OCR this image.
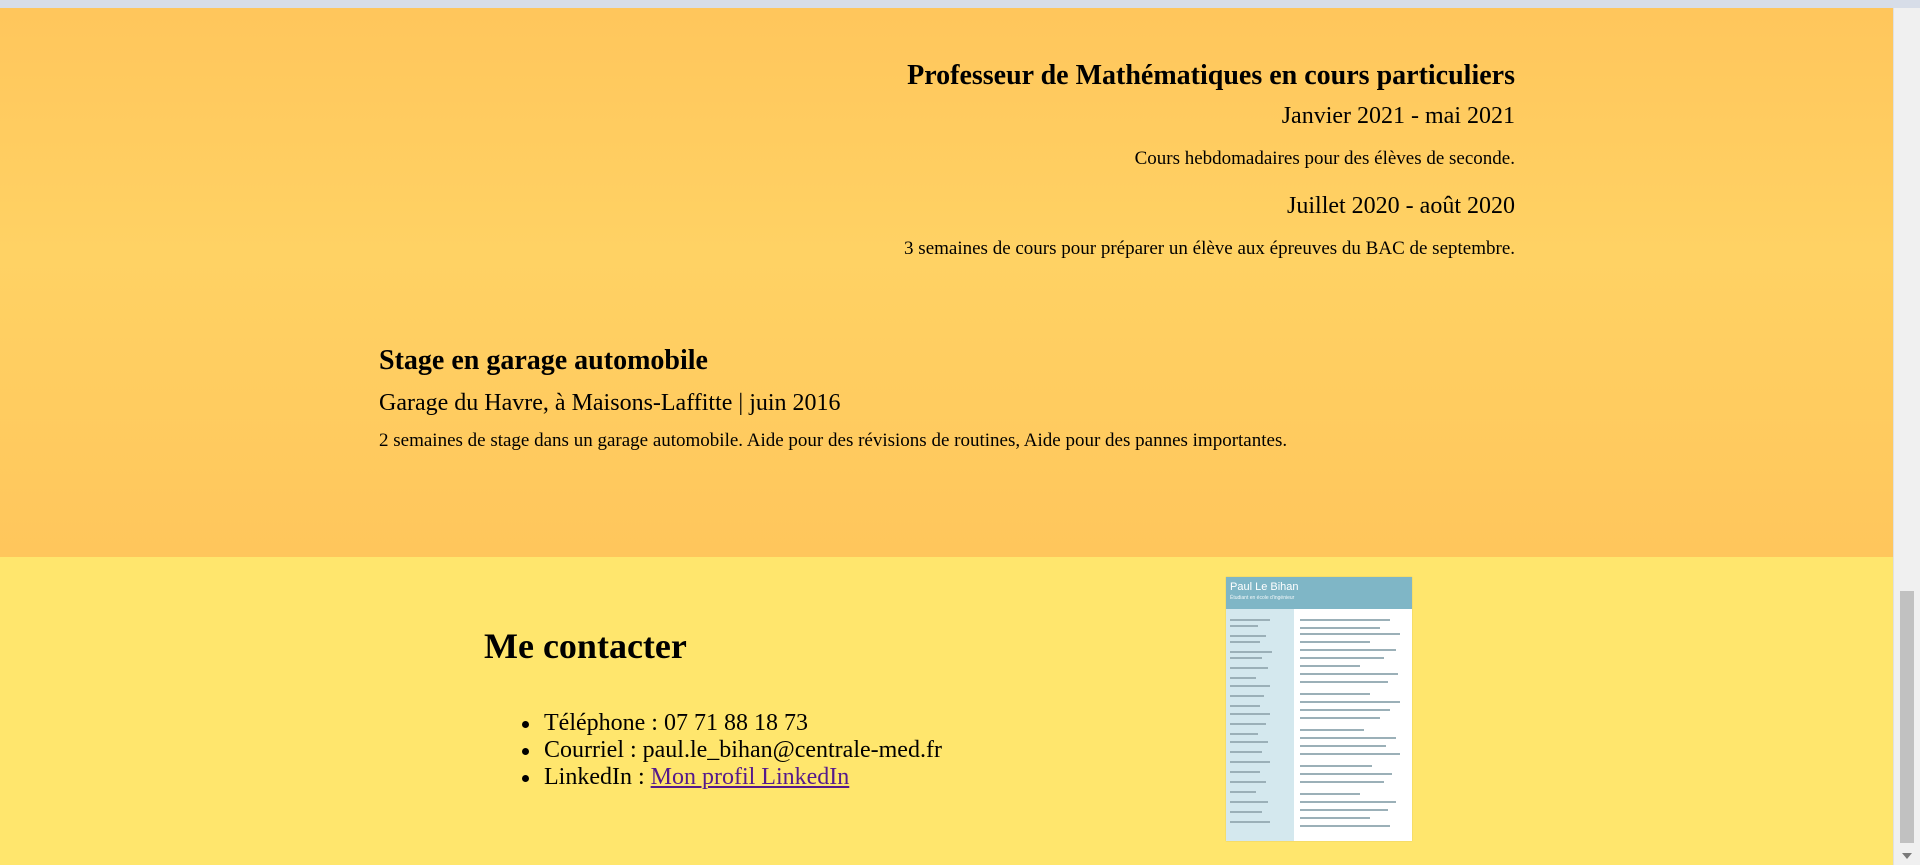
Professeur de Mathématiques en cours particuliers

Janvier 2021 - mai 2021

Cours hebdomadaires pour des élèves de seconde.

Juillet 2020 - août 2020

3 semaines de cours pour préparer un élève aux épreuves du BAC de septembre.

Stage en garage automobile

Garage du Havre, à Maisons-Laffitte | juin 2016

2 semaines de stage dans un garage automobile. Aide pour des révisions de routines, Aide pour des pannes importantes.

Me contacter
Téléphone : 07 71 88 18 73
Courriel : paul.le_bihan@centrale-med.fr
LinkedIn : Mon profil LinkedIn
Paul Le Bihan
Étudiant en école d'ingénieur
